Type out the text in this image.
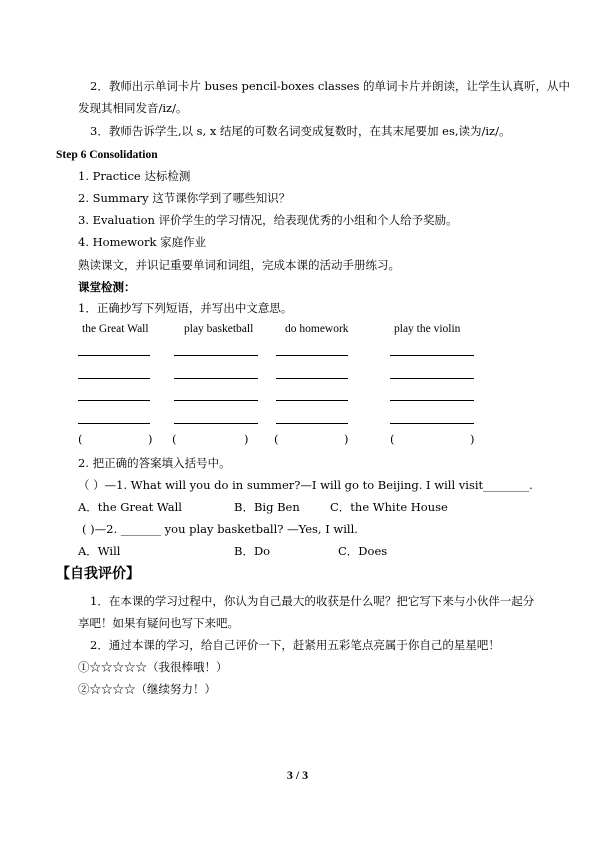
2．教师出示单词卡片 buses pencil-boxes classes 的单词卡片并朗读，让学生认真听，从中
发现其相同发音/iz/。
3．教师告诉学生,以 s, x 结尾的可数名词变成复数时，在其末尾要加 es,读为/iz/。
Step 6 Consolidation
1. Practice 达标检测
2. Summary 这节课你学到了哪些知识？
3. Evaluation 评价学生的学习情况，给表现优秀的小组和个人给予奖励。
4. Homework 家庭作业
熟读课文，并识记重要单词和词组，完成本课的活动手册练习。
课堂检测：
1．正确抄写下列短语，并写出中文意思。
the Great Wall	play basketball	do homework	play the violin
(	) (	) (	)	(	)
2. 把正确的答案填入括号中。
（ ）—1. What will you do in summer?—I will go to Beijing. I will visit________.
A．the Great Wall	B．Big Ben	C．the White House
( )—2. _______ you play basketball? —Yes, I will.
A．Will	B．Do	C．Does
【自我评价】
1．在本课的学习过程中，你认为自己最大的收获是什么呢？把它写下来与小伙伴一起分
享吧！如果有疑问也写下来吧。
2．通过本课的学习，给自己评价一下，赶紧用五彩笔点亮属于你自己的星星吧！
①☆☆☆☆☆（我很棒哦！）
②☆☆☆☆（继续努力！）
3 / 3
